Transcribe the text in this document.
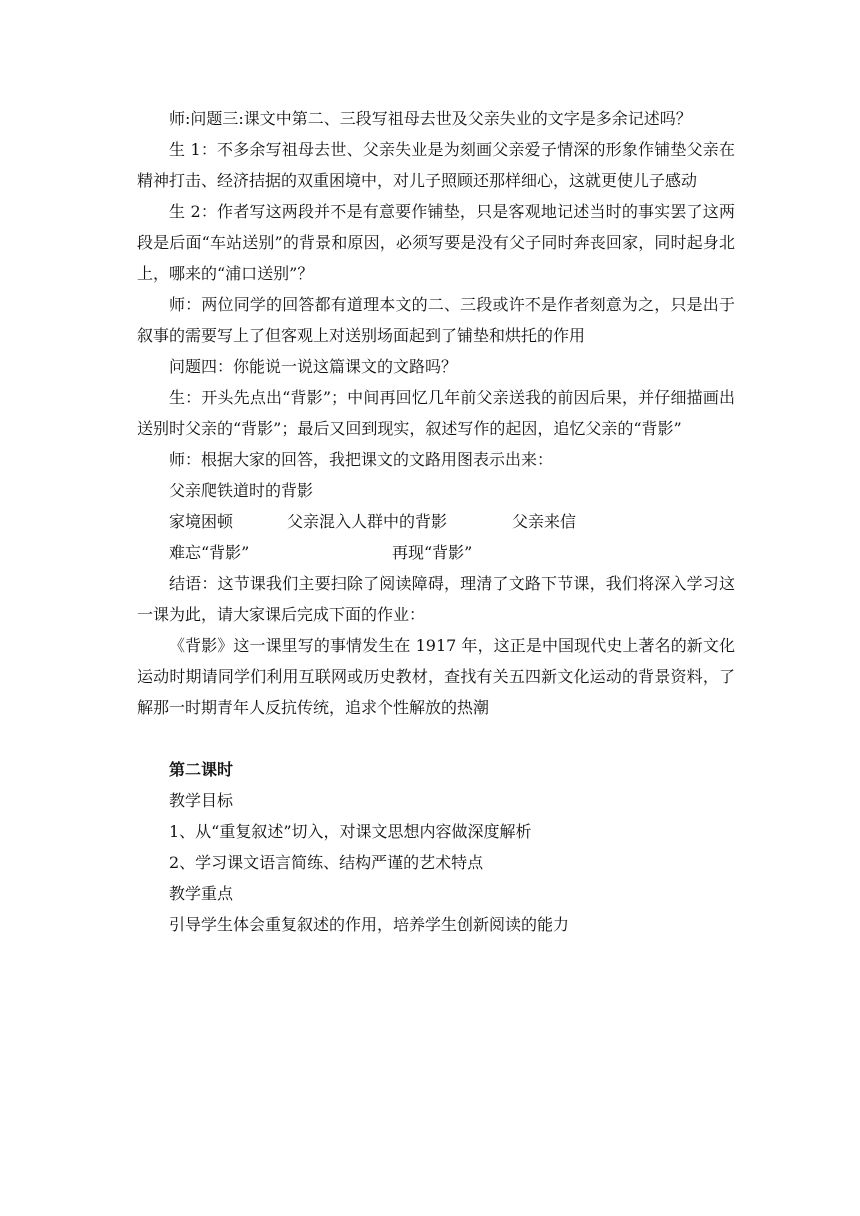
师:问题三:课文中第二、三段写祖母去世及父亲失业的文字是多余记述吗？

生 1：不多余写祖母去世、父亲失业是为刻画父亲爱子情深的形象作铺垫父亲在精神打击、经济拮据的双重困境中，对儿子照顾还那样细心，这就更使儿子感动

生 2：作者写这两段并不是有意要作铺垫，只是客观地记述当时的事实罢了这两段是后面“车站送别”的背景和原因，必须写要是没有父子同时奔丧回家，同时起身北上，哪来的“浦口送别”？

师：两位同学的回答都有道理本文的二、三段或许不是作者刻意为之，只是出于叙事的需要写上了但客观上对送别场面起到了铺垫和烘托的作用

问题四：你能说一说这篇课文的文路吗？

生：开头先点出“背影”；中间再回忆几年前父亲送我的前因后果，并仔细描画出送别时父亲的“背影”；最后又回到现实，叙述写作的起因，追忆父亲的“背影”

师：根据大家的回答，我把课文的文路用图表示出来：

父亲爬铁道时的背影
家境困顿	父亲混入人群中的背影	父亲来信
难忘“背影”	再现“背影”

结语：这节课我们主要扫除了阅读障碍，理清了文路下节课，我们将深入学习这一课为此，请大家课后完成下面的作业：

《背影》这一课里写的事情发生在 1917 年，这正是中国现代史上著名的新文化运动时期请同学们利用互联网或历史教材，查找有关五四新文化运动的背景资料，了解那一时期青年人反抗传统，追求个性解放的热潮

第二课时

教学目标

1、从“重复叙述”切入，对课文思想内容做深度解析

2、学习课文语言简练、结构严谨的艺术特点

教学重点

引导学生体会重复叙述的作用，培养学生创新阅读的能力
